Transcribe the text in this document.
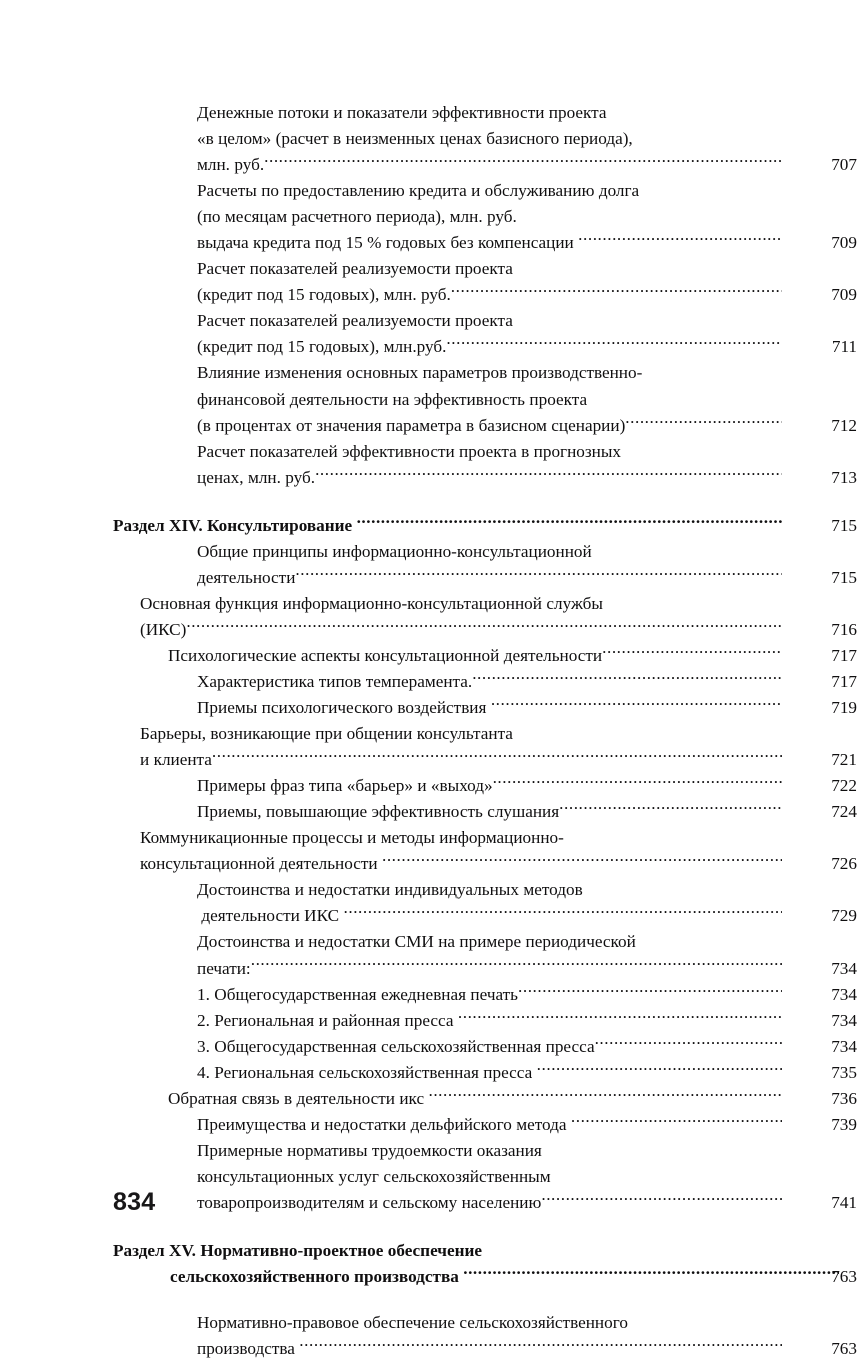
Денежные потоки и показатели эффективности проекта
«в целом» (расчет в неизменных ценах базисного периода),
млн. руб. .....	707
Расчеты по предоставлению кредита и обслуживанию долга
(по месяцам расчетного периода), млн. руб.
выдача кредита под 15 % годовых без компенсации .....	709
Расчет показателей реализуемости проекта
(кредит под 15 годовых), млн. руб. .....	709
Расчет показателей реализуемости проекта
(кредит под 15 годовых), млн.руб. .....	711
Влияние изменения основных параметров производственно-
финансовой деятельности на эффективность проекта
(в процентах от значения параметра в базисном сценарии) .....	712
Расчет показателей эффективности проекта в прогнозных
ценах, млн. руб. .....	713
Раздел XIV. Консультирование .....	715
Общие принципы информационно-консультационной
деятельности .....	715
Основная функция информационно-консультационной службы
(ИКС) .....	716
Психологические аспекты консультационной деятельности .....	717
Характеристика типов темперамента. .....	717
Приемы психологического воздействия .....	719
Барьеры, возникающие при общении консультанта
и клиента .....	721
Примеры фраз типа «барьер» и «выход» .....	722
Приемы, повышающие эффективность слушания .....	724
Коммуникационные процессы и методы информационно-
консультационной деятельности .....	726
Достоинства и недостатки индивидуальных методов
деятельности ИКС .....	729
Достоинства и недостатки СМИ на примере периодической
печати: .....	734
1. Общегосударственная ежедневная печать .....	734
2. Региональная и районная пресса .....	734
3. Общегосударственная сельскохозяйственная пресса .....	734
4. Региональная сельскохозяйственная пресса .....	735
Обратная связь в деятельности икс .....	736
Преимущества и недостатки дельфийского метода .....	739
Примерные нормативы трудоемкости оказания
консультационных услуг сельскохозяйственным
товаропроизводителям и сельскому населению .....	741
Раздел XV. Нормативно-проектное обеспечение
сельскохозяйственного производства .....	763
Нормативно-правовое обеспечение сельскохозяйственного
производства .....	763
834
